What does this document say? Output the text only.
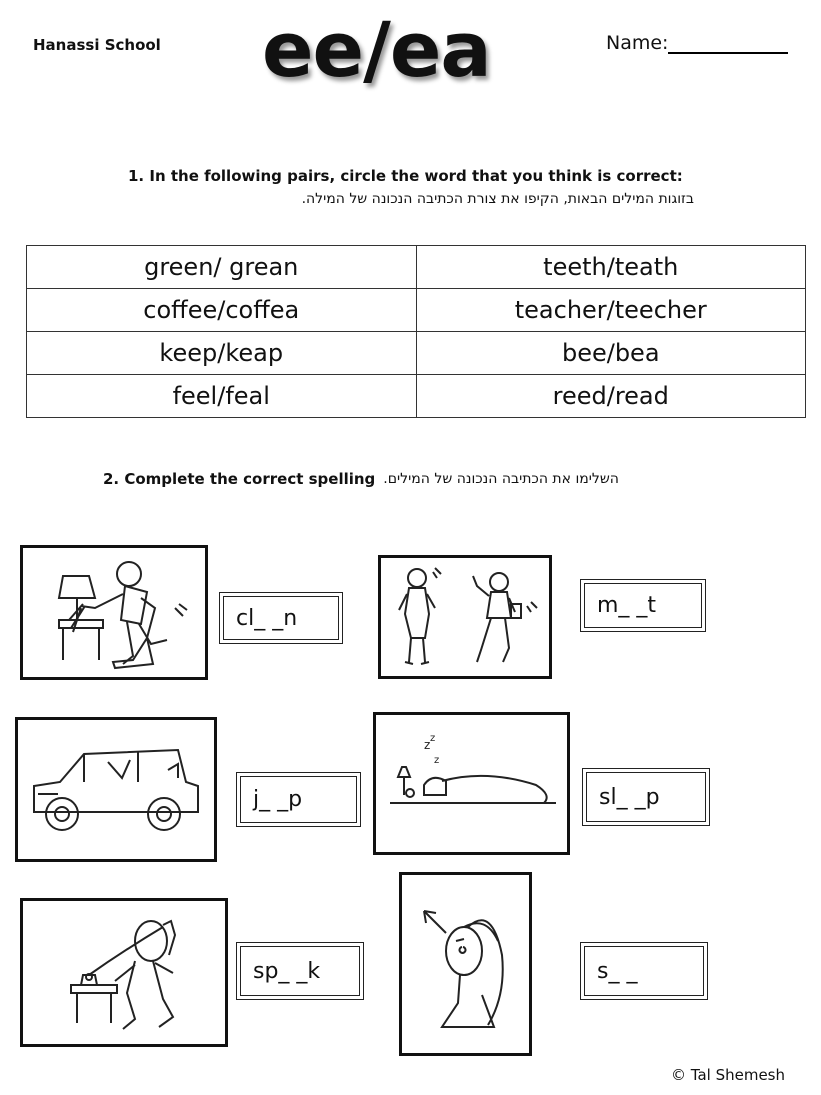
Hanassi School ee/ea	Name:
1. In the following pairs, circle the word that you think is correct:
בזוגות המילים הבאות, הקיפו את צורת הכתיבה הנכונה של המילה.
green/ grean	teeth/teath
coffee/coffea	teacher/teecher
keep/keap	bee/bea
feel/feal	reed/read
2. Complete the correct spelling השלימו את הכתיבה הנכונה של המילים.
cl_ _n	m_ _t
j_ _p
z z
z
sl_ _p
sp_ _k	s_ _
© Tal Shemesh
